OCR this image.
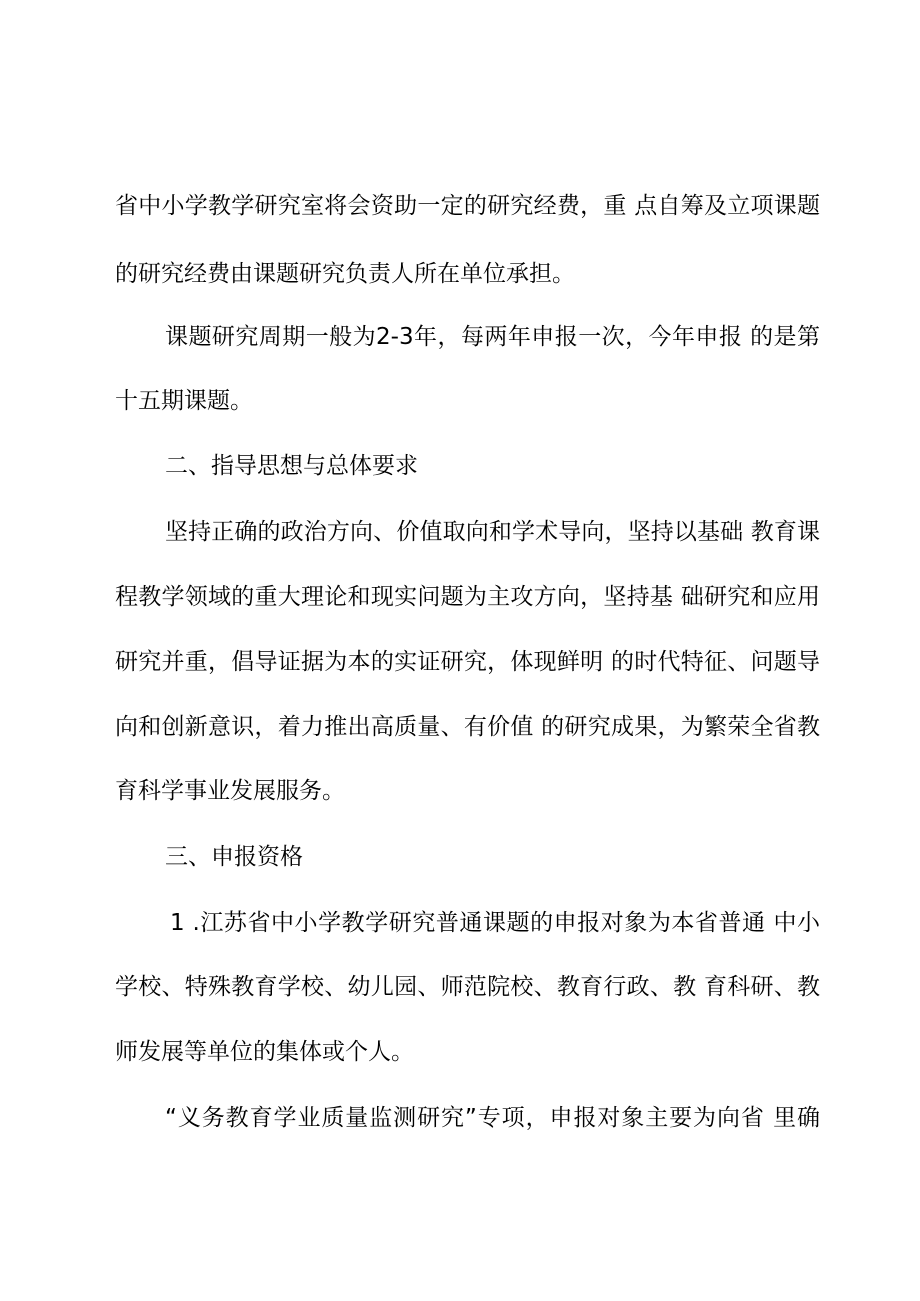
省中小学教学研究室将会资助一定的研究经费，重 点自筹及立项课题
的研究经费由课题研究负责人所在单位承担。
课题研究周期一般为2-3年，每两年申报一次，今年申报 的是第
十五期课题。
二、指导思想与总体要求
坚持正确的政治方向、价值取向和学术导向，坚持以基础 教育课
程教学领域的重大理论和现实问题为主攻方向，坚持基 础研究和应用
研究并重，倡导证据为本的实证研究，体现鲜明 的时代特征、问题导
向和创新意识，着力推出高质量、有价值 的研究成果，为繁荣全省教
育科学事业发展服务。
三、申报资格
1 .江苏省中小学教学研究普通课题的申报对象为本省普通 中小
学校、特殊教育学校、幼儿园、师范院校、教育行政、教 育科研、教
师发展等单位的集体或个人。
“义务教育学业质量监测研究”专项，申报对象主要为向省 里确
